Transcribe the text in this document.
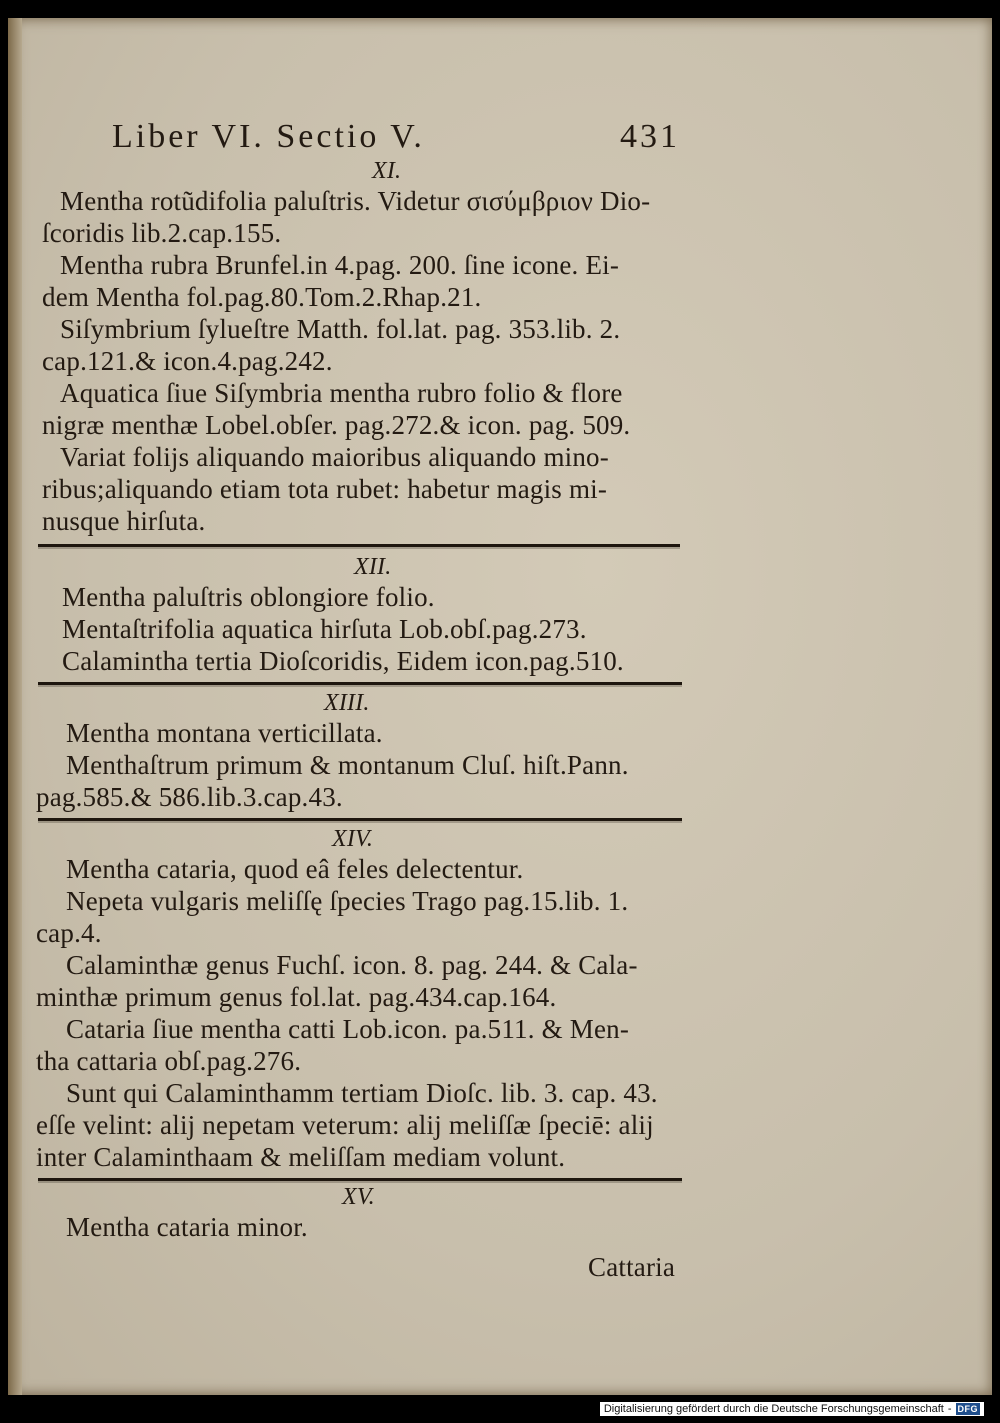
Liber VI. Sectio V.	431
XI.
Mentha rotũdifolia paluſtris. Videtur σισύμβριον Dio-
ſcoridis lib.2.cap.155.
Mentha rubra Brunfel.in 4.pag. 200. ſine icone. Ei-
dem Mentha fol.pag.80.Tom.2.Rhap.21.
Siſymbrium ſylueſtre Matth. fol.lat. pag. 353.lib. 2.
cap.121.& icon.4.pag.242.
Aquatica ſiue Siſymbria mentha rubro folio & flore
nigræ menthæ Lobel.obſer. pag.272.& icon. pag. 509.
Variat folijs aliquando maioribus aliquando mino-
ribus;aliquando etiam tota rubet: habetur magis mi-
nusque hirſuta.
XII.
Mentha paluſtris oblongiore folio.
Mentaſtrifolia aquatica hirſuta Lob.obſ.pag.273.
Calamintha tertia Dioſcoridis, Eidem icon.pag.510.
XIII.
Mentha montana verticillata.
Menthaſtrum primum & montanum Cluſ. hiſt.Pann.
pag.585.& 586.lib.3.cap.43.
XIV.
Mentha cataria, quod eâ feles delectentur.
Nepeta vulgaris meliſſę ſpecies Trago pag.15.lib. 1.
cap.4.
Calaminthæ genus Fuchſ. icon. 8. pag. 244. & Cala-
minthæ primum genus fol.lat. pag.434.cap.164.
Cataria ſiue mentha catti Lob.icon. pa.511. & Men-
tha cattaria obſ.pag.276.
Sunt qui Calaminthamm tertiam Dioſc. lib. 3. cap. 43.
eſſe velint: alij nepetam veterum: alij meliſſæ ſpeciē: alij
inter Calaminthaam & meliſſam mediam volunt.
XV.
Mentha cataria minor.
Cattaria
Digitalisierung gefördert durch die Deutsche Forschungsgemeinschaft - DFG
